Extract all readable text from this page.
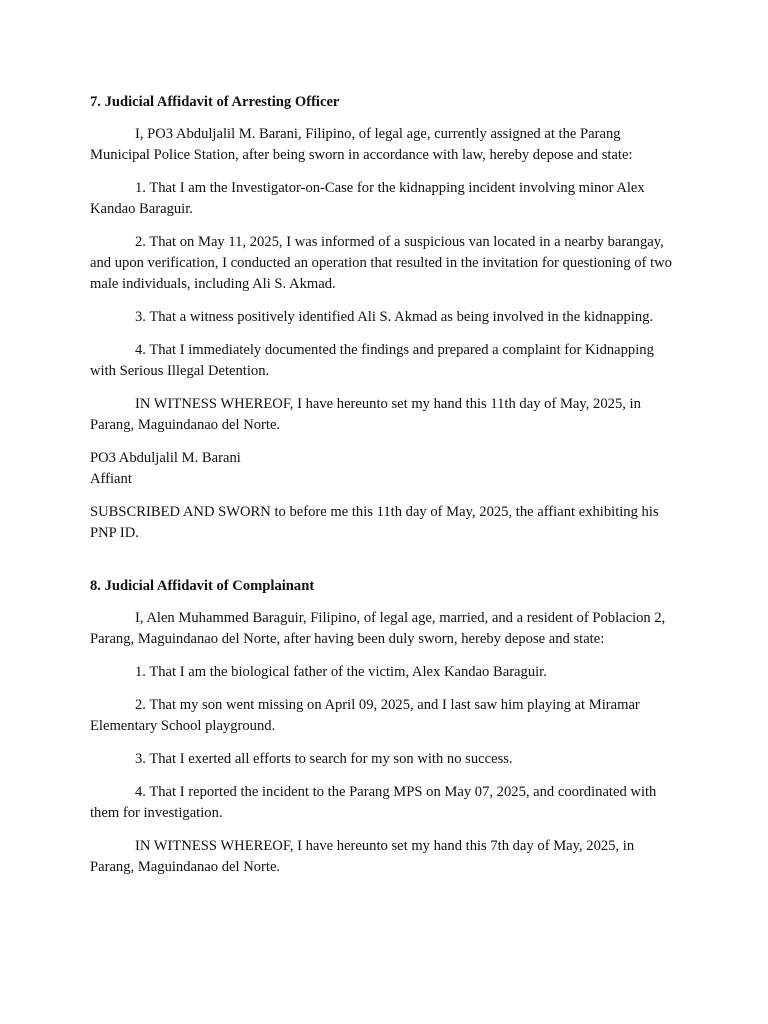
7. Judicial Affidavit of Arresting Officer

I, PO3 Abduljalil M. Barani, Filipino, of legal age, currently assigned at the Parang Municipal Police Station, after being sworn in accordance with law, hereby depose and state:

1. That I am the Investigator-on-Case for the kidnapping incident involving minor Alex Kandao Baraguir.

2. That on May 11, 2025, I was informed of a suspicious van located in a nearby barangay, and upon verification, I conducted an operation that resulted in the invitation for questioning of two male individuals, including Ali S. Akmad.

3. That a witness positively identified Ali S. Akmad as being involved in the kidnapping.

4. That I immediately documented the findings and prepared a complaint for Kidnapping with Serious Illegal Detention.

IN WITNESS WHEREOF, I have hereunto set my hand this 11th day of May, 2025, in Parang, Maguindanao del Norte.

PO3 Abduljalil M. Barani

Affiant

SUBSCRIBED AND SWORN to before me this 11th day of May, 2025, the affiant exhibiting his PNP ID.

8. Judicial Affidavit of Complainant

I, Alen Muhammed Baraguir, Filipino, of legal age, married, and a resident of Poblacion 2, Parang, Maguindanao del Norte, after having been duly sworn, hereby depose and state:

1. That I am the biological father of the victim, Alex Kandao Baraguir.

2. That my son went missing on April 09, 2025, and I last saw him playing at Miramar Elementary School playground.

3. That I exerted all efforts to search for my son with no success.

4. That I reported the incident to the Parang MPS on May 07, 2025, and coordinated with them for investigation.

IN WITNESS WHEREOF, I have hereunto set my hand this 7th day of May, 2025, in Parang, Maguindanao del Norte.
